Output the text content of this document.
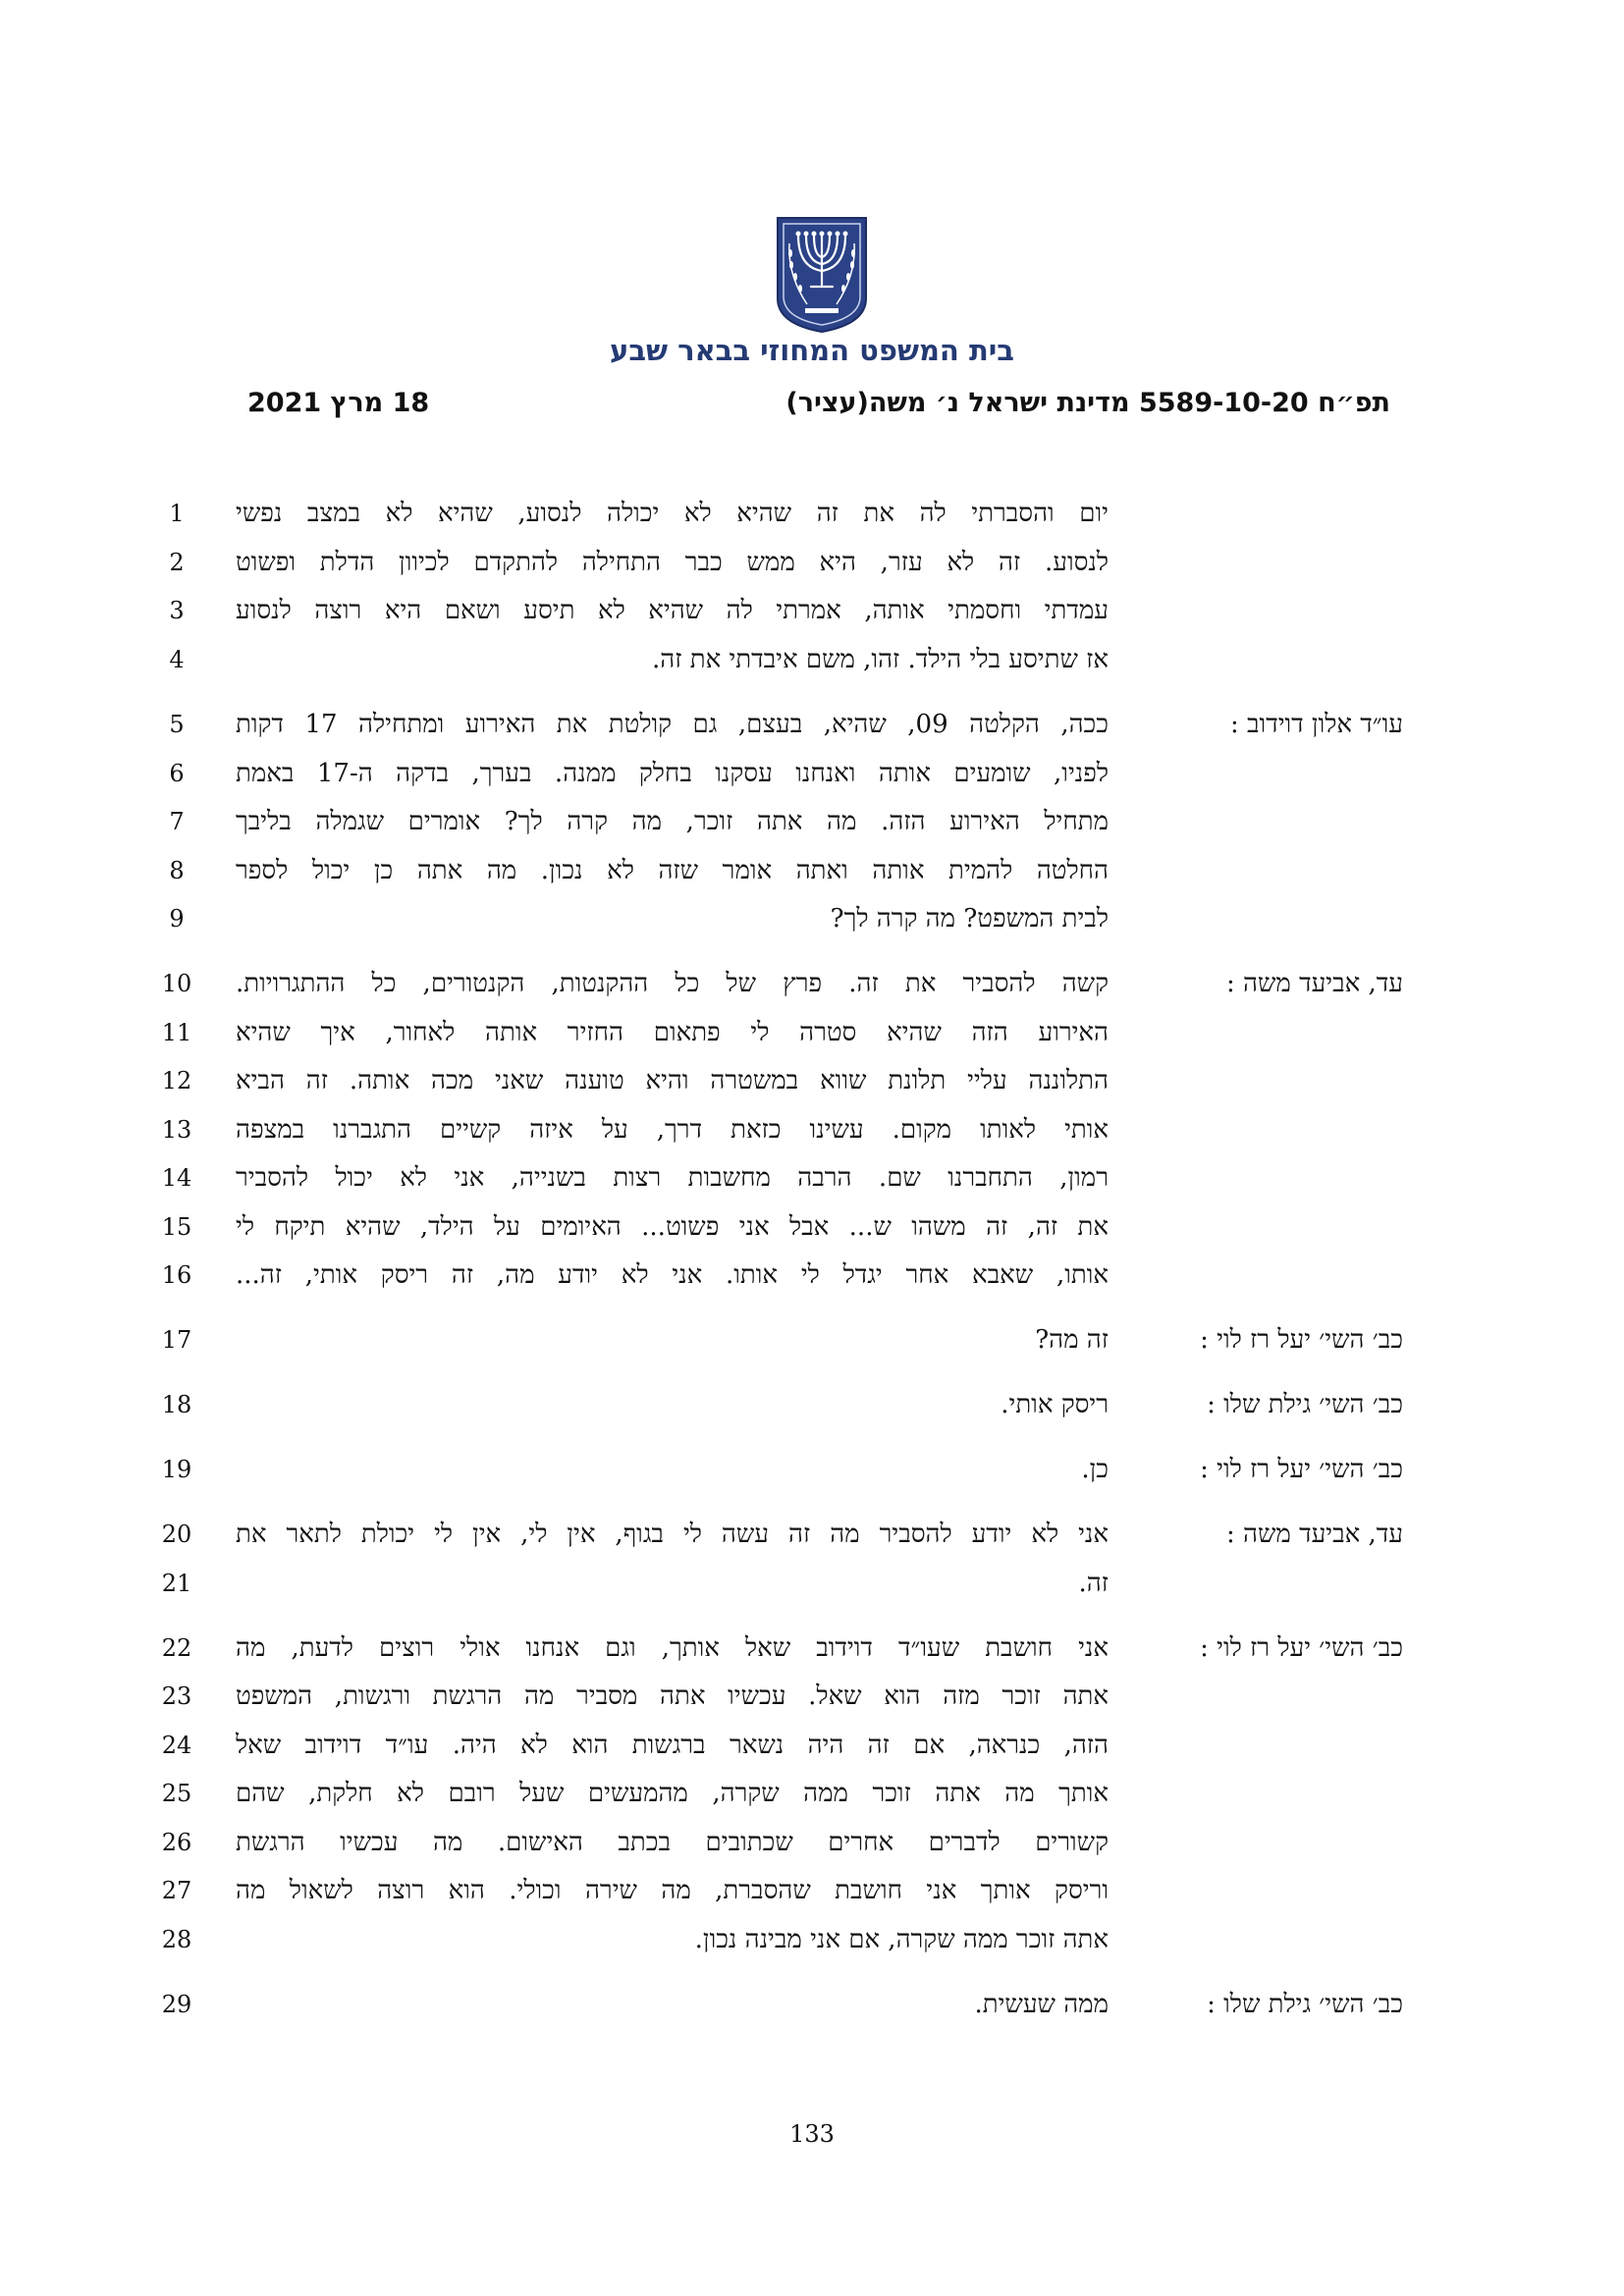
בית המשפט המחוזי בבאר שבע
תפ״ח 5589-10-20 מדינת ישראל נ׳ משה(עציר)
18 מרץ 2021
1	יום והסברתי לה את זה שהיא לא יכולה לנסוע, שהיא לא במצב נפשי
2	לנסוע. זה לא עזר, היא ממש כבר התחילה להתקדם לכיוון הדלת ופשוט
3	עמדתי וחסמתי אותה, אמרתי לה שהיא לא תיסע ושאם היא רוצה לנסוע
4	אז שתיסע בלי הילד. זהו, משם איבדתי את זה.
5	עו״ד אלון דוידוב :
ככה, הקלטה 09, שהיא, בעצם, גם קולטת את האירוע ומתחילה 17 דקות
6	לפניו, שומעים אותה ואנחנו עסקנו בחלק ממנה. בערך, בדקה ה-17 באמת
7	מתחיל האירוע הזה. מה אתה זוכר, מה קרה לך? אומרים שגמלה בליבך
8	החלטה להמית אותה ואתה אומר שזה לא נכון. מה אתה כן יכול לספר
9	לבית המשפט? מה קרה לך?
10	עד, אביעד משה :
קשה להסביר את זה. פרץ של כל ההקנטות, הקנטורים, כל ההתגרויות.
11	האירוע הזה שהיא סטרה לי פתאום החזיר אותה לאחור, איך שהיא
12	התלוננה עליי תלונת שווא במשטרה והיא טוענה שאני מכה אותה. זה הביא
13	אותי לאותו מקום. עשינו כזאת דרך, על איזה קשיים התגברנו במצפה
14	רמון, התחברנו שם. הרבה מחשבות רצות בשנייה, אני לא יכול להסביר
15	את זה, זה משהו ש... אבל אני פשוט... האיומים על הילד, שהיא תיקח לי
16	אותו, שאבא אחר יגדל לי אותו. אני לא יודע מה, זה ריסק אותי, זה...
17	כב׳ השי׳ יעל רז לוי :
זה מה?
18	כב׳ השי׳ גילת שלו :
ריסק אותי.
19	כב׳ השי׳ יעל רז לוי :
כן.
20	עד, אביעד משה :
אני לא יודע להסביר מה זה עשה לי בגוף, אין לי, אין לי יכולת לתאר את
21	זה.
22	כב׳ השי׳ יעל רז לוי :
אני חושבת שעו״ד דוידוב שאל אותך, וגם אנחנו אולי רוצים לדעת, מה
23	אתה זוכר מזה הוא שאל. עכשיו אתה מסביר מה הרגשת ורגשות, המשפט
24	הזה, כנראה, אם זה היה נשאר ברגשות הוא לא היה. עו״ד דוידוב שאל
25	אותך מה אתה זוכר ממה שקרה, מהמעשים שעל רובם לא חלקת, שהם
26	קשורים לדברים אחרים שכתובים בכתב האישום. מה עכשיו הרגשת
27	וריסק אותך אני חושבת שהסברת, מה שירה וכולי. הוא רוצה לשאול מה
28	אתה זוכר ממה שקרה, אם אני מבינה נכון.
29	כב׳ השי׳ גילת שלו :
ממה שעשית.
133
